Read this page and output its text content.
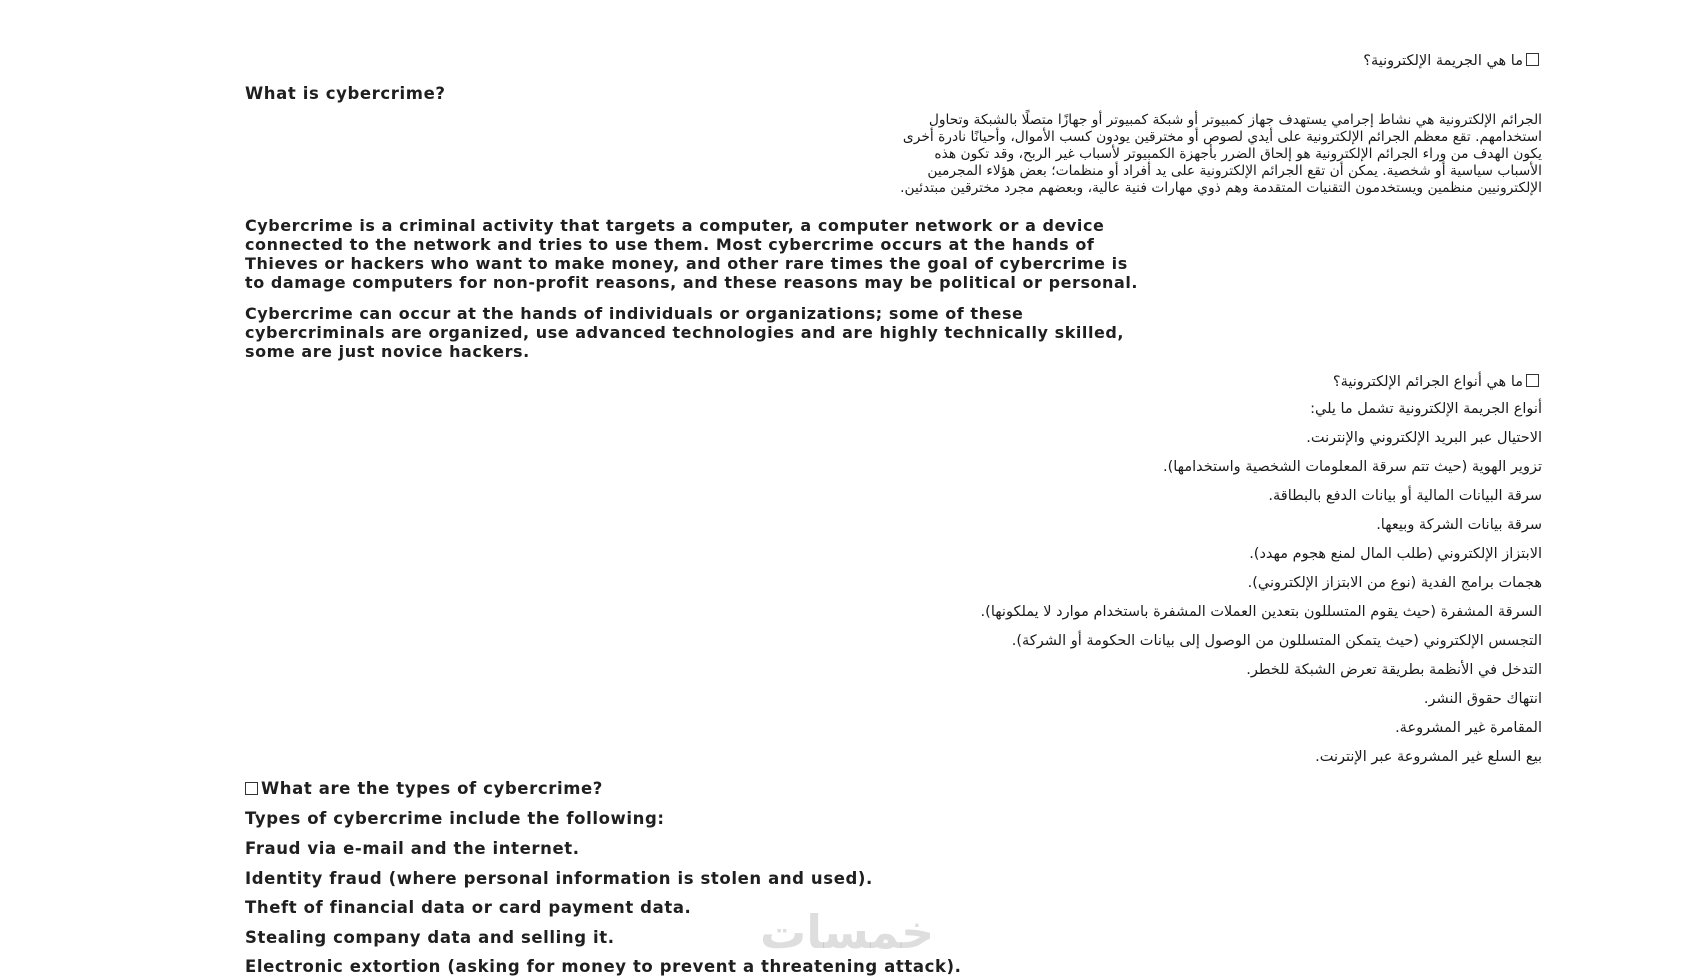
ما هي الجريمة الإلكترونية؟
What is cybercrime?
الجرائم الإلكترونية هي نشاط إجرامي يستهدف جهاز كمبيوتر أو شبكة كمبيوتر أو جهازًا متصلًا بالشبكة وتحاول
استخدامهم. تقع معظم الجرائم الإلكترونية على أيدي لصوص أو مخترقين يودون كسب الأموال، وأحيانًا نادرة أخرى
يكون الهدف من وراء الجرائم الإلكترونية هو إلحاق الضرر بأجهزة الكمبيوتر لأسباب غير الربح، وقد تكون هذه
الأسباب سياسية أو شخصية. يمكن أن تقع الجرائم الإلكترونية على يد أفراد أو منظمات؛ بعض هؤلاء المجرمين
الإلكترونيين منظمين ويستخدمون التقنيات المتقدمة وهم ذوي مهارات فنية عالية، وبعضهم مجرد مخترقين مبتدئين.
Cybercrime is a criminal activity that targets a computer, a computer network or a device
connected to the network and tries to use them. Most cybercrime occurs at the hands of
Thieves or hackers who want to make money, and other rare times the goal of cybercrime is
to damage computers for non-profit reasons, and these reasons may be political or personal.
Cybercrime can occur at the hands of individuals or organizations; some of these
cybercriminals are organized, use advanced technologies and are highly technically skilled,
some are just novice hackers.
ما هي أنواع الجرائم الإلكترونية؟
أنواع الجريمة الإلكترونية تشمل ما يلي:
الاحتيال عبر البريد الإلكتروني والإنترنت.
تزوير الهوية (حيث تتم سرقة المعلومات الشخصية واستخدامها).
سرقة البيانات المالية أو بيانات الدفع بالبطاقة.
سرقة بيانات الشركة وبيعها.
الابتزاز الإلكتروني (طلب المال لمنع هجوم مهدد).
هجمات برامج الفدية (نوع من الابتزاز الإلكتروني).
السرقة المشفرة (حيث يقوم المتسللون بتعدين العملات المشفرة باستخدام موارد لا يملكونها).
التجسس الإلكتروني (حيث يتمكن المتسللون من الوصول إلى بيانات الحكومة أو الشركة).
التدخل في الأنظمة بطريقة تعرض الشبكة للخطر.
انتهاك حقوق النشر.
المقامرة غير المشروعة.
بيع السلع غير المشروعة عبر الإنترنت.
What are the types of cybercrime?
Types of cybercrime include the following:
Fraud via e-mail and the internet.
Identity fraud (where personal information is stolen and used).
Theft of financial data or card payment data.
Stealing company data and selling it.
Electronic extortion (asking for money to prevent a threatening attack).
خمسات
